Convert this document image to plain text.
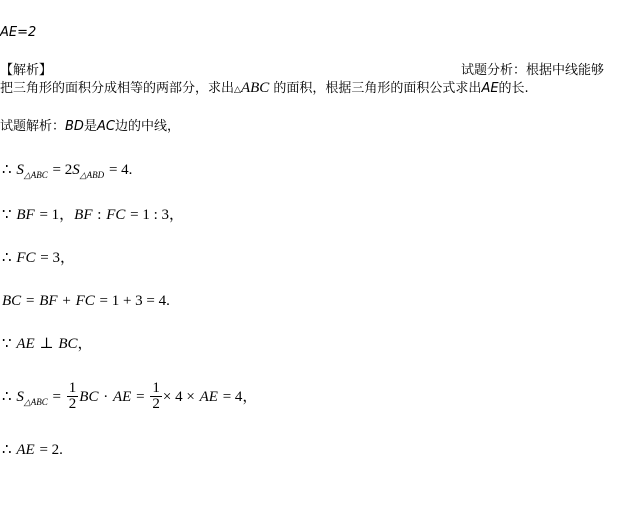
AE=2
【解析】	试题分析：根据中线能够
把三角形的面积分成相等的两部分，求出△ABC 的面积，根据三角形的面积公式求出AE的长.
试题解析：BD是AC边的中线，
∴ $S_{\triangle ABC} = 2S_{\triangle ABD} = 4$.
∵ BF = 1，BF : FC = 1 : 3，
∴ FC = 3，
BC = BF + FC = 1 + 3 = 4.
∵ AE ⊥ BC，
∴ $S_{\triangle ABC} = \frac{1}{2}$ BC · AE = $\frac{1}{2} \times 4$ × AE = 4，
∴ AE = 2.
